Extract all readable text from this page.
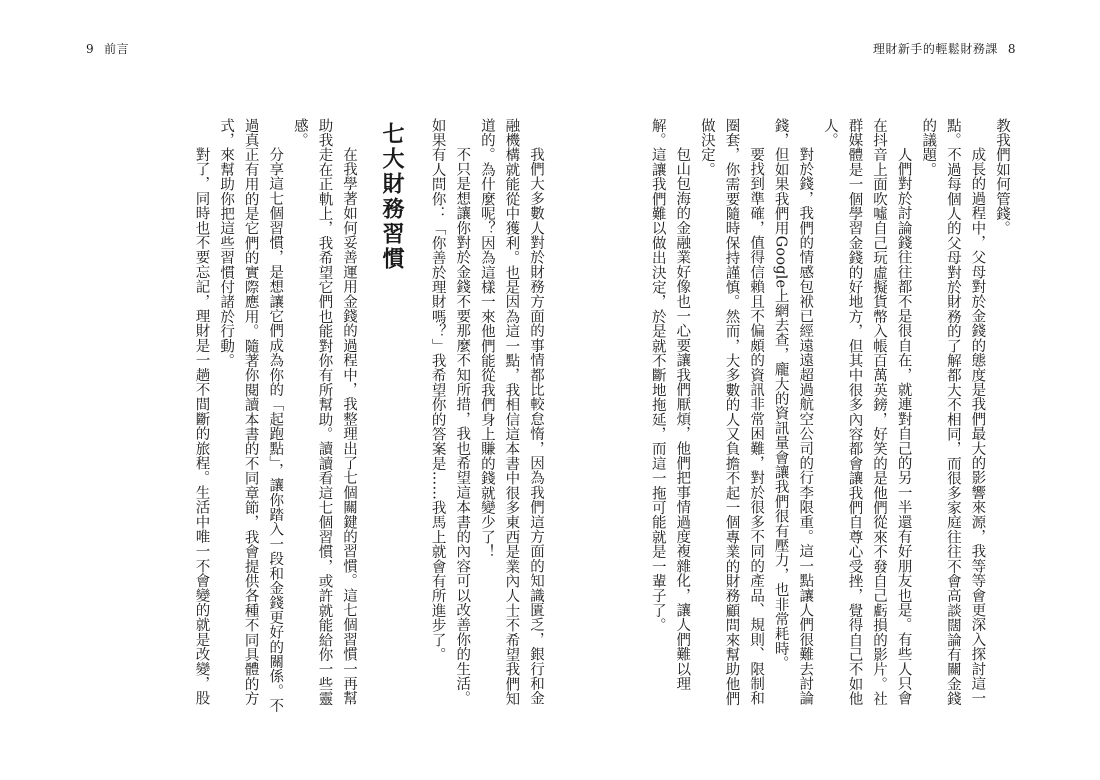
9 前言	理財新手的輕鬆財務課 8

教我們如何管錢。

成長的過程中，父母對於金錢的態度是我們最大的影響來源，我等等會更深入探討這一點。不過每個人的父母對於財務的了解都大不相同，而很多家庭往往不會高談闊論有關金錢的議題。

人們對於討論錢往往都不是很自在，就連對自己的另一半還有好朋友也是。有些人只會在抖音上面吹噓自己玩虛擬貨幣入帳百萬英鎊，好笑的是他們從來不發自己虧損的影片。社群媒體是一個學習金錢的好地方，但其中很多內容都會讓我們自尊心受挫，覺得自己不如他人。

對於錢，我們的情感包袱已經遠遠超過航空公司的行李限重。這一點讓人們很難去討論錢，但如果我們用Google上網去查，龐大的資訊量會讓我們很有壓力，也非常耗時。

要找到準確，值得信賴且不偏頗的資訊非常困難，對於很多不同的產品、規則、限制和圈套，你需要隨時保持謹慎。然而，大多數的人又負擔不起一個專業的財務顧問來幫助他們做決定。

包山包海的金融業好像也一心要讓我們厭煩，他們把事情過度複雜化，讓人們難以理解。這讓我們難以做出決定，於是就不斷地拖延，而這一拖可能就是一輩子了。

我們大多數人對於財務方面的事情都比較怠惰，因為我們這方面的知識匱乏，銀行和金融機構就能從中獲利。也是因為這一點，我相信這本書中很多東西是業內人士不希望我們知道的。為什麼呢？因為這樣一來他們能從我們身上賺的錢就變少了！

不只是想讓你對於金錢不要那麼不知所措，我也希望這本書的內容可以改善你的生活。如果有人問你：「你善於理財嗎？」我希望你的答案是……我馬上就會有所進步了。

七大財務習慣

在我學著如何妥善運用金錢的過程中，我整理出了七個關鍵的習慣。這七個習慣一再幫助我走在正軌上，我希望它們也能對你有所幫助。讀讀看這七個習慣，或許就能給你一些靈感。

分享這七個習慣，是想讓它們成為你的「起跑點」，讓你踏入一段和金錢更好的關係。不過真正有用的是它們的實際應用。隨著你閱讀本書的不同章節，我會提供各種不同具體的方式，來幫助你把這些習慣付諸於行動。

對了，同時也不要忘記，理財是一趟不間斷的旅程。生活中唯一不會變的就是改變，股
